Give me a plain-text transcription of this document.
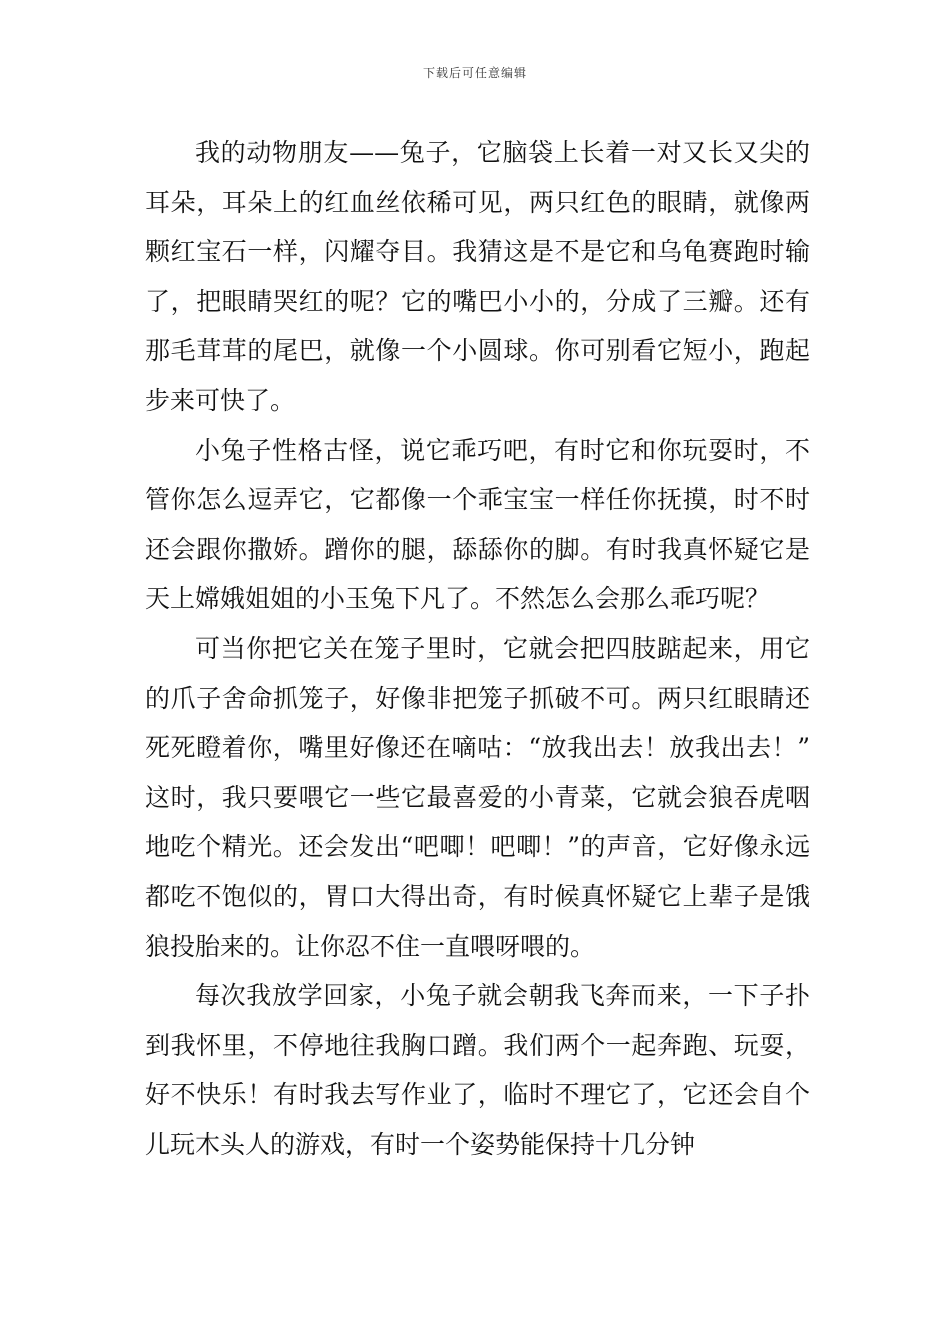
下载后可任意编辑

我的动物朋友——兔子，它脑袋上长着一对又长又尖的耳朵，耳朵上的红血丝依稀可见，两只红色的眼睛，就像两颗红宝石一样，闪耀夺目。我猜这是不是它和乌龟赛跑时输了，把眼睛哭红的呢？它的嘴巴小小的，分成了三瓣。还有那毛茸茸的尾巴，就像一个小圆球。你可别看它短小，跑起步来可快了。

小兔子性格古怪，说它乖巧吧，有时它和你玩耍时，不管你怎么逗弄它，它都像一个乖宝宝一样任你抚摸，时不时还会跟你撒娇。蹭你的腿，舔舔你的脚。有时我真怀疑它是天上嫦娥姐姐的小玉兔下凡了。不然怎么会那么乖巧呢？

可当你把它关在笼子里时，它就会把四肢踮起来，用它的爪子舍命抓笼子，好像非把笼子抓破不可。两只红眼睛还死死瞪着你，嘴里好像还在嘀咕：“放我出去！放我出去！”这时，我只要喂它一些它最喜爱的小青菜，它就会狼吞虎咽地吃个精光。还会发出“吧唧！吧唧！”的声音，它好像永远都吃不饱似的，胃口大得出奇，有时候真怀疑它上辈子是饿狼投胎来的。让你忍不住一直喂呀喂的。

每次我放学回家，小兔子就会朝我飞奔而来，一下子扑到我怀里，不停地往我胸口蹭。我们两个一起奔跑、玩耍，好不快乐！有时我去写作业了，临时不理它了，它还会自个儿玩木头人的游戏，有时一个姿势能保持十几分钟
